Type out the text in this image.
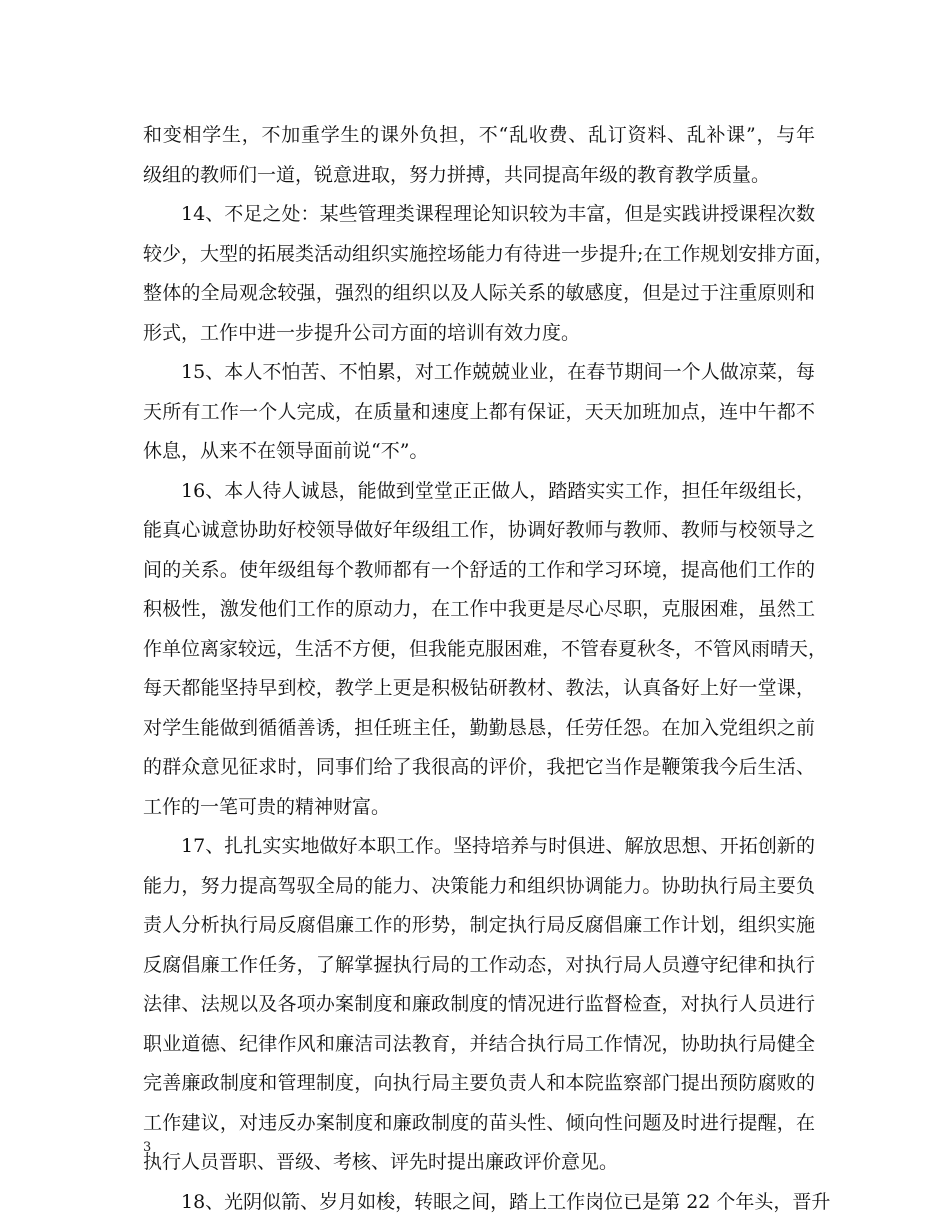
和变相学生，不加重学生的课外负担，不“乱收费、乱订资料、乱补课”，与年
级组的教师们一道，锐意进取，努力拼搏，共同提高年级的教育教学质量。
14、不足之处：某些管理类课程理论知识较为丰富，但是实践讲授课程次数
较少，大型的拓展类活动组织实施控场能力有待进一步提升;在工作规划安排方面，
整体的全局观念较强，强烈的组织以及人际关系的敏感度，但是过于注重原则和
形式，工作中进一步提升公司方面的培训有效力度。
15、本人不怕苦、不怕累，对工作兢兢业业，在春节期间一个人做凉菜，每
天所有工作一个人完成，在质量和速度上都有保证，天天加班加点，连中午都不
休息，从来不在领导面前说“不”。
16、本人待人诚恳，能做到堂堂正正做人，踏踏实实工作，担任年级组长，
能真心诚意协助好校领导做好年级组工作，协调好教师与教师、教师与校领导之
间的关系。使年级组每个教师都有一个舒适的工作和学习环境，提高他们工作的
积极性，激发他们工作的原动力，在工作中我更是尽心尽职，克服困难，虽然工
作单位离家较远，生活不方便，但我能克服困难，不管春夏秋冬，不管风雨晴天，
每天都能坚持早到校，教学上更是积极钻研教材、教法，认真备好上好一堂课，
对学生能做到循循善诱，担任班主任，勤勤恳恳，任劳任怨。在加入党组织之前
的群众意见征求时，同事们给了我很高的评价，我把它当作是鞭策我今后生活、
工作的一笔可贵的精神财富。
17、扎扎实实地做好本职工作。坚持培养与时俱进、解放思想、开拓创新的
能力，努力提高驾驭全局的能力、决策能力和组织协调能力。协助执行局主要负
责人分析执行局反腐倡廉工作的形势，制定执行局反腐倡廉工作计划，组织实施
反腐倡廉工作任务，了解掌握执行局的工作动态，对执行局人员遵守纪律和执行
法律、法规以及各项办案制度和廉政制度的情况进行监督检查，对执行人员进行
职业道德、纪律作风和廉洁司法教育，并结合执行局工作情况，协助执行局健全
完善廉政制度和管理制度，向执行局主要负责人和本院监察部门提出预防腐败的
工作建议，对违反办案制度和廉政制度的苗头性、倾向性问题及时进行提醒，在
执行人员晋职、晋级、考核、评先时提出廉政评价意见。
18、光阴似箭、岁月如梭，转眼之间，踏上工作岗位已是第 22 个年头，晋升
3
